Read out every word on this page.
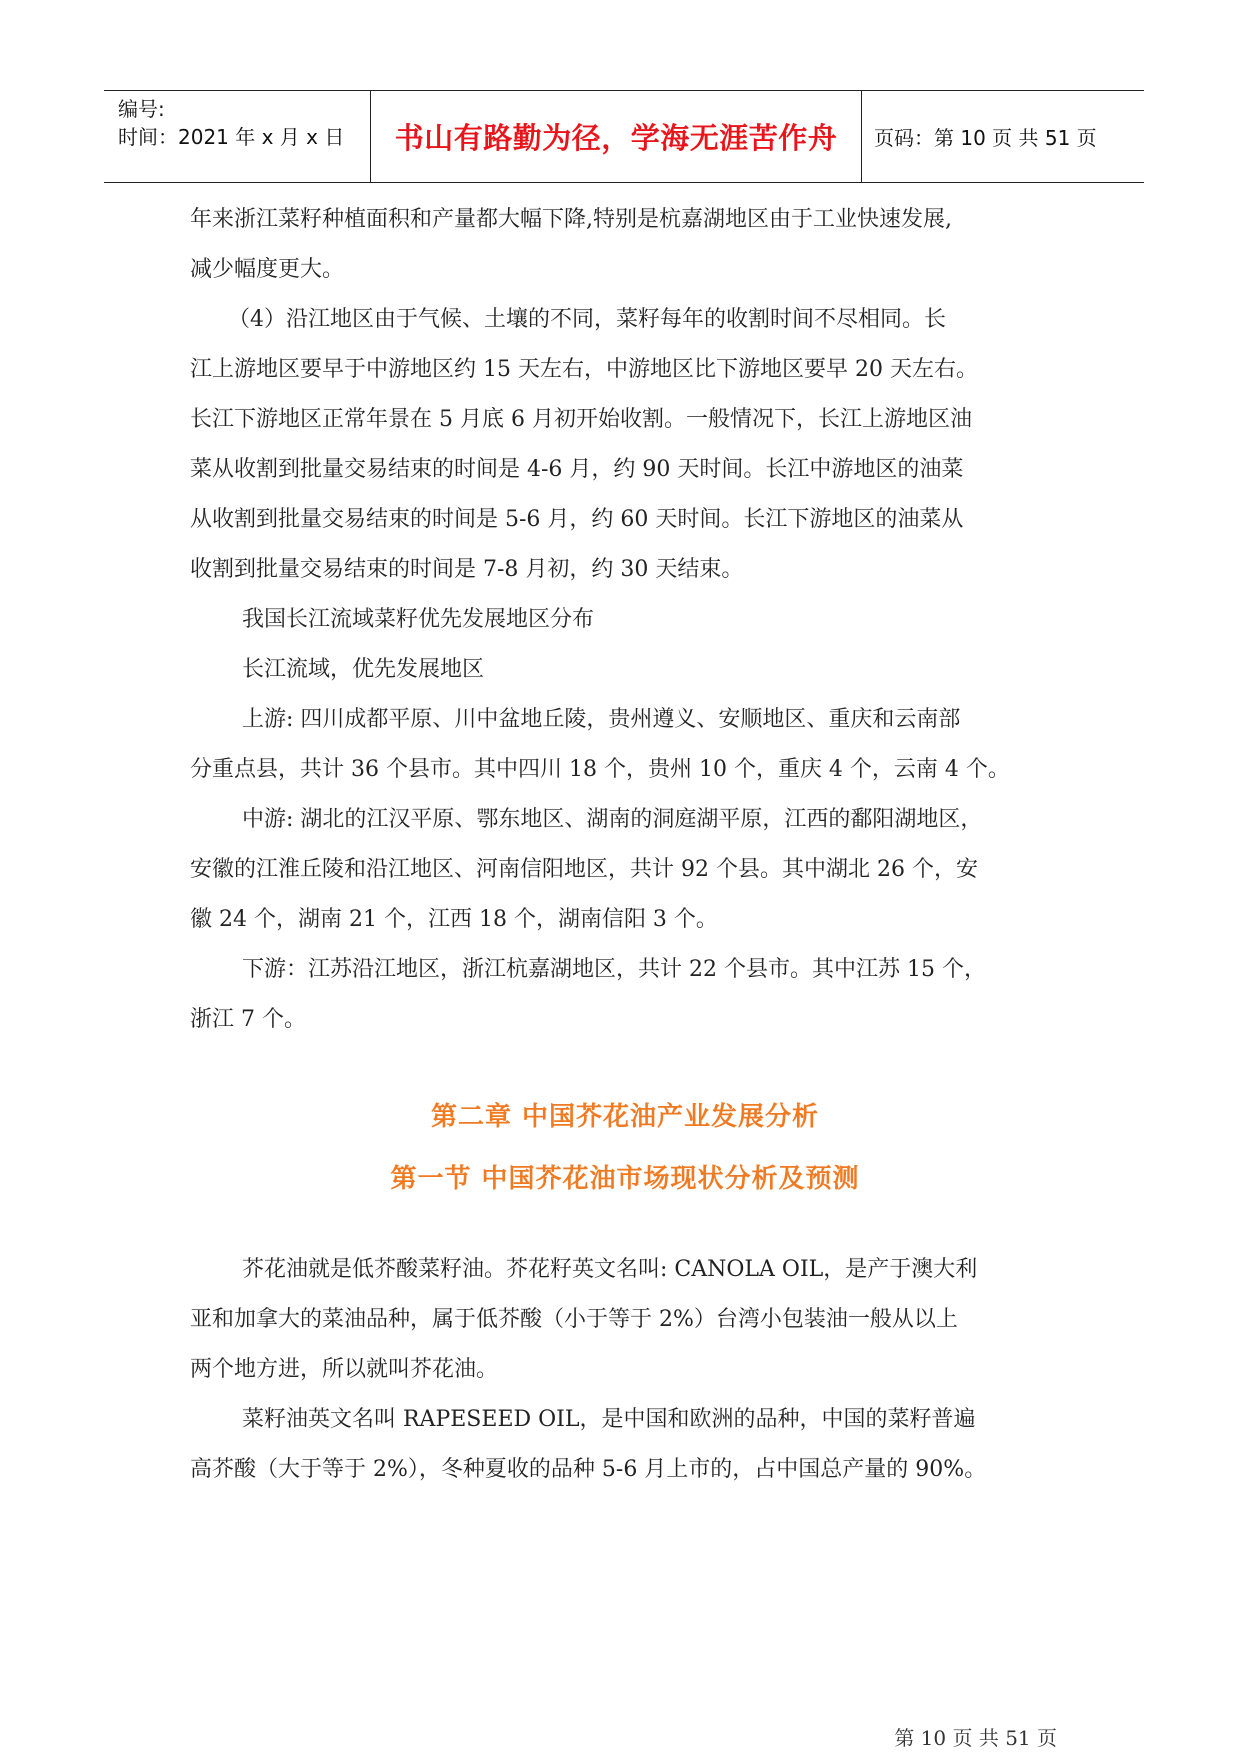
编号:
时间：2021 年 x 月 x 日	书山有路勤为径，学海无涯苦作舟	页码：第 10 页 共 51 页
年来浙江菜籽种植面积和产量都大幅下降,特别是杭嘉湖地区由于工业快速发展,
减少幅度更大。
（4）沿江地区由于气候、土壤的不同，菜籽每年的收割时间不尽相同。长
江上游地区要早于中游地区约 15 天左右，中游地区比下游地区要早 20 天左右。
长江下游地区正常年景在 5 月底 6 月初开始收割。一般情况下，长江上游地区油
菜从收割到批量交易结束的时间是 4-6 月，约 90 天时间。长江中游地区的油菜
从收割到批量交易结束的时间是 5-6 月，约 60 天时间。长江下游地区的油菜从
收割到批量交易结束的时间是 7-8 月初，约 30 天结束。
我国长江流域菜籽优先发展地区分布
长江流域，优先发展地区
上游: 四川成都平原、川中盆地丘陵，贵州遵义、安顺地区、重庆和云南部
分重点县，共计 36 个县市。其中四川 18 个，贵州 10 个，重庆 4 个，云南 4 个。
中游: 湖北的江汉平原、鄂东地区、湖南的洞庭湖平原，江西的鄱阳湖地区，
安徽的江淮丘陵和沿江地区、河南信阳地区，共计 92 个县。其中湖北 26 个，安
徽 24 个，湖南 21 个，江西 18 个，湖南信阳 3 个。
下游：江苏沿江地区，浙江杭嘉湖地区，共计 22 个县市。其中江苏 15 个，
浙江 7 个。
第二章 中国芥花油产业发展分析
第一节 中国芥花油市场现状分析及预测
芥花油就是低芥酸菜籽油。芥花籽英文名叫: CANOLA OIL，是产于澳大利
亚和加拿大的菜油品种，属于低芥酸（小于等于 2%）台湾小包装油一般从以上
两个地方进，所以就叫芥花油。
菜籽油英文名叫 RAPESEED OIL，是中国和欧洲的品种，中国的菜籽普遍
高芥酸（大于等于 2%），冬种夏收的品种 5-6 月上市的，占中国总产量的 90%。
第 10 页 共 51 页
